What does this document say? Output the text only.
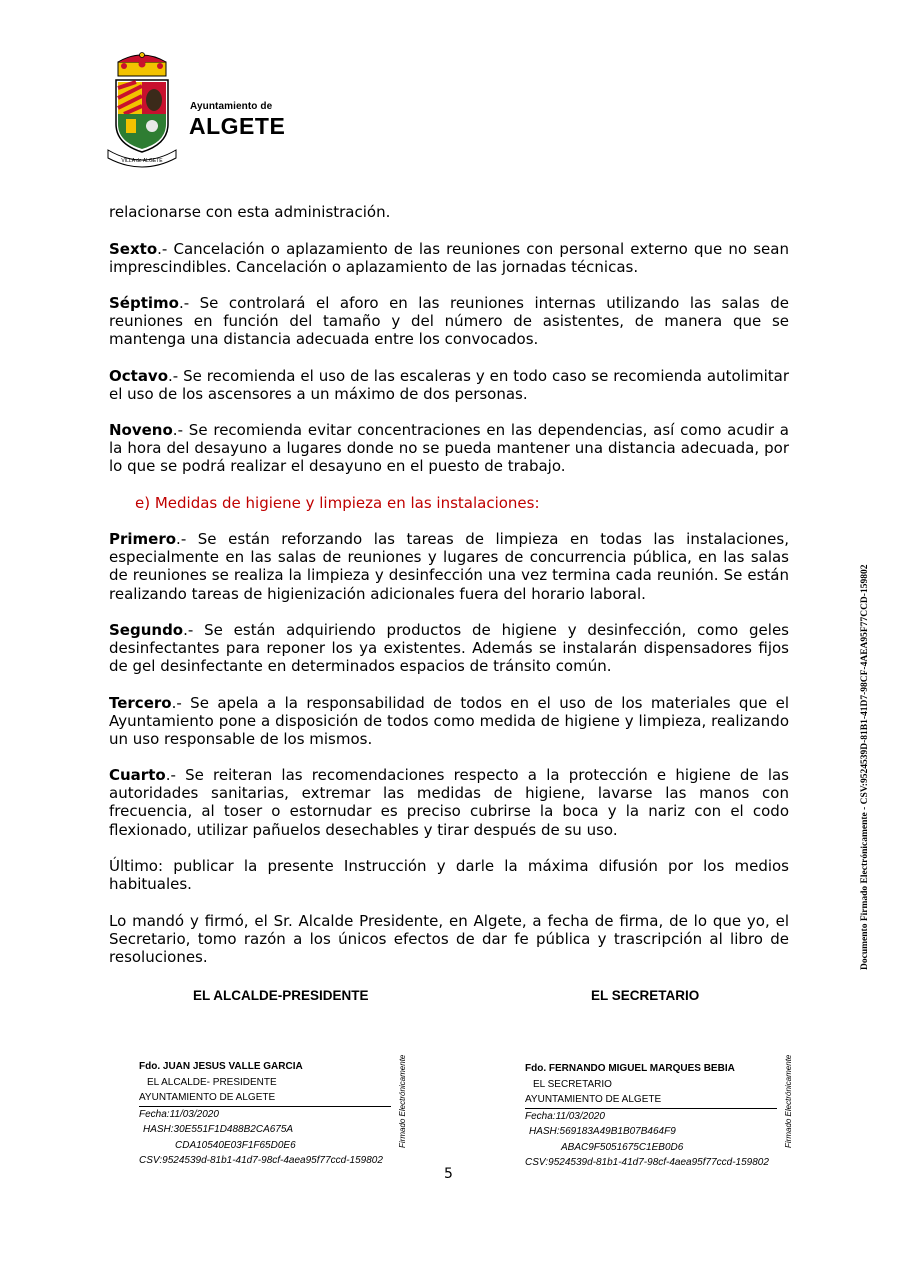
VILLA de ALGETE
Ayuntamiento de
ALGETE
relacionarse con esta administración.
Sexto.- Cancelación o aplazamiento de las reuniones con personal externo que no sean imprescindibles. Cancelación o aplazamiento de las jornadas técnicas.
Séptimo.- Se controlará el aforo en las reuniones internas utilizando las salas de reuniones en función del tamaño y del número de asistentes, de manera que se mantenga una distancia adecuada entre los convocados.
Octavo.- Se recomienda el uso de las escaleras y en todo caso se recomienda autolimitar el uso de los ascensores a un máximo de dos personas.
Noveno.- Se recomienda evitar concentraciones en las dependencias, así como acudir a la hora del desayuno a lugares donde no se pueda mantener una distancia adecuada, por lo que se podrá realizar el desayuno en el puesto de trabajo.
e) Medidas de higiene y limpieza en las instalaciones:
Primero.- Se están reforzando las tareas de limpieza en todas las instalaciones, especialmente en las salas de reuniones y lugares de concurrencia pública, en las salas de reuniones se realiza la limpieza y desinfección una vez termina cada reunión. Se están realizando tareas de higienización adicionales fuera del horario laboral.
Segundo.- Se están adquiriendo productos de higiene y desinfección, como geles desinfectantes para reponer los ya existentes. Además se instalarán dispensadores fijos de gel desinfectante en determinados espacios de tránsito común.
Tercero.- Se apela a la responsabilidad de todos en el uso de los materiales que el Ayuntamiento pone a disposición de todos como medida de higiene y limpieza, realizando un uso responsable de los mismos.
Cuarto.- Se reiteran las recomendaciones respecto a la protección e higiene de las autoridades sanitarias, extremar las medidas de higiene, lavarse las manos con frecuencia, al toser o estornudar es preciso cubrirse la boca y la nariz con el codo flexionado, utilizar pañuelos desechables y tirar después de su uso.
Último: publicar la presente Instrucción y darle la máxima difusión por los medios habituales.
Lo mandó y firmó, el Sr. Alcalde Presidente, en Algete, a fecha de firma, de lo que yo, el Secretario, tomo razón a los únicos efectos de dar fe pública y trascripción al libro de resoluciones.
EL ALCALDE-PRESIDENTE	EL SECRETARIO
Fdo. JUAN JESUS VALLE GARCIA
EL ALCALDE- PRESIDENTE
AYUNTAMIENTO DE ALGETE
Fecha:11/03/2020
HASH:30E551F1D488B2CA675A
CDA10540E03F1F65D0E6
CSV:9524539d-81b1-41d7-98cf-4aea95f77ccd-159802
Firmado Electrónicamente	Fdo. FERNANDO MIGUEL MARQUES BEBIA
EL SECRETARIO
AYUNTAMIENTO DE ALGETE
Fecha:11/03/2020
HASH:569183A49B1B07B464F9
ABAC9F5051675C1EB0D6
CSV:9524539d-81b1-41d7-98cf-4aea95f77ccd-159802
Firmado Electrónicamente
Documento Firmado Electrónicamente - CSV:9524539D-81B1-41D7-98CF-4AEA95F77CCD-159802
5
